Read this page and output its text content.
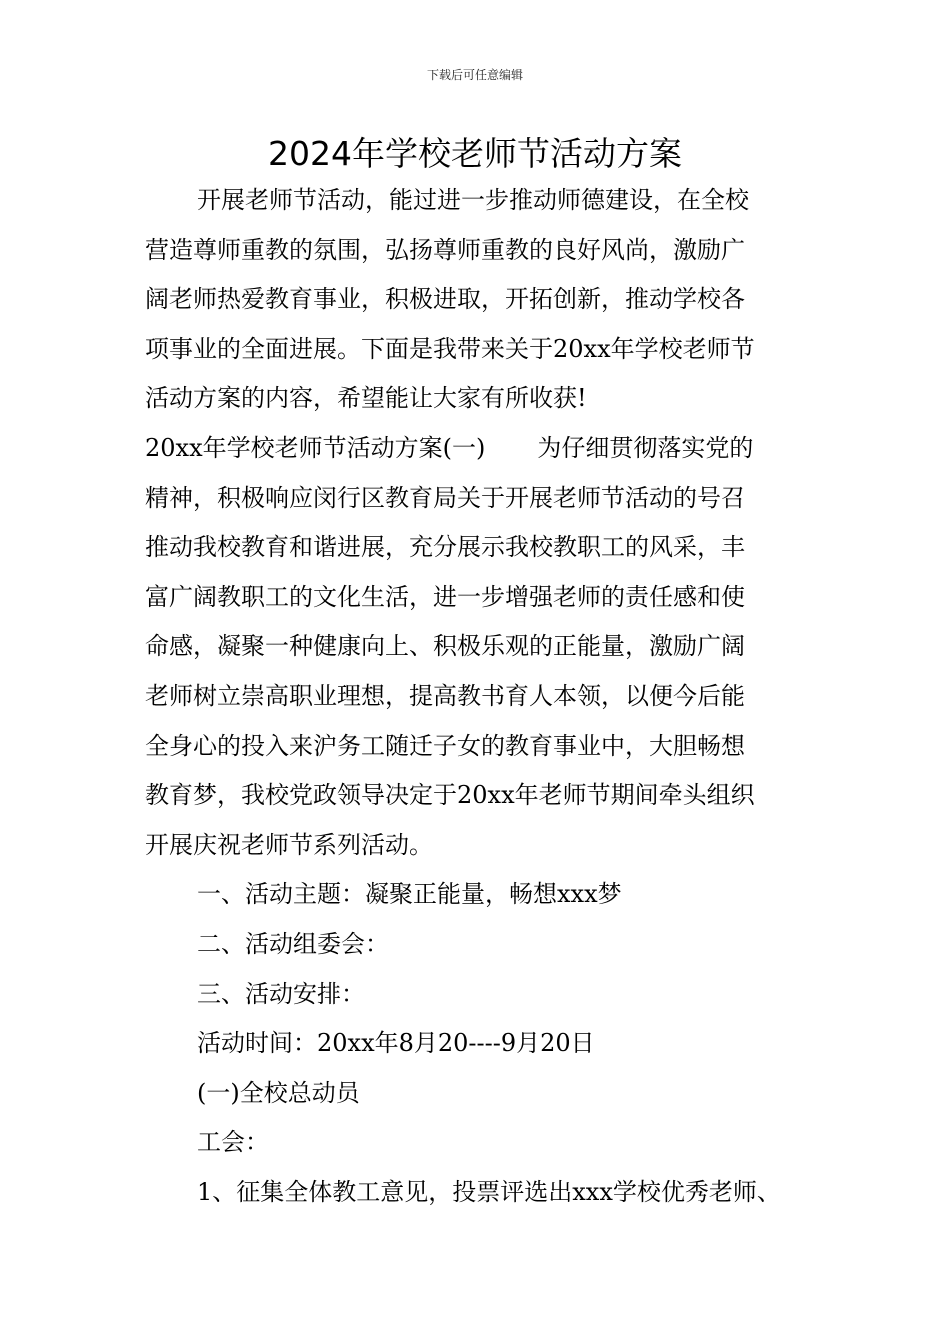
下载后可任意编辑
2024年学校老师节活动方案
开展老师节活动，能过进一步推动师德建设，在全校
营造尊师重教的氛围，弘扬尊师重教的良好风尚，激励广
阔老师热爱教育事业，积极进取，开拓创新，推动学校各
项事业的全面进展。下面是我带来关于20xx年学校老师节
活动方案的内容，希望能让大家有所收获!
20xx年学校老师节活动方案(一) 为仔细贯彻落实党的
精神，积极响应闵行区教育局关于开展老师节活动的号召
推动我校教育和谐进展，充分展示我校教职工的风采，丰
富广阔教职工的文化生活，进一步增强老师的责任感和使
命感，凝聚一种健康向上、积极乐观的正能量，激励广阔
老师树立崇高职业理想，提高教书育人本领，以便今后能
全身心的投入来沪务工随迁子女的教育事业中，大胆畅想
教育梦，我校党政领导决定于20xx年老师节期间牵头组织
开展庆祝老师节系列活动。
一、活动主题：凝聚正能量，畅想xxx梦
二、活动组委会：
三、活动安排：
活动时间：20xx年8月20----9月20日
(一)全校总动员
工会：
1、征集全体教工意见，投票评选出xxx学校优秀老师、
